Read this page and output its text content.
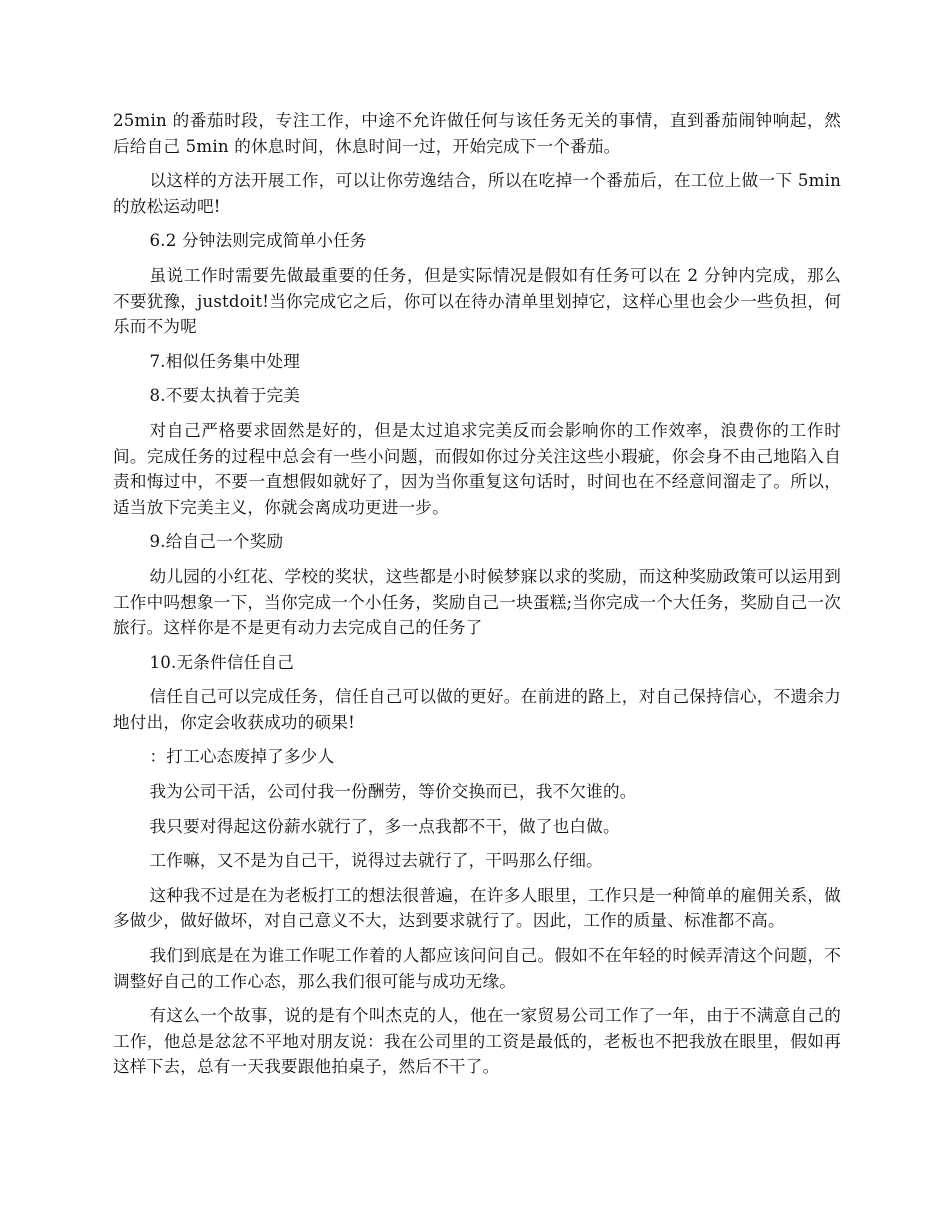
25min 的番茄时段，专注工作，中途不允许做任何与该任务无关的事情，直到番茄闹钟响起，然后给自己 5min 的休息时间，休息时间一过，开始完成下一个番茄。

以这样的方法开展工作，可以让你劳逸结合，所以在吃掉一个番茄后，在工位上做一下 5min 的放松运动吧!

6.2 分钟法则完成简单小任务

虽说工作时需要先做最重要的任务，但是实际情况是假如有任务可以在 2 分钟内完成，那么不要犹豫，justdoit!当你完成它之后，你可以在待办清单里划掉它，这样心里也会少一些负担，何乐而不为呢

7.相似任务集中处理

8.不要太执着于完美

对自己严格要求固然是好的，但是太过追求完美反而会影响你的工作效率，浪费你的工作时间。完成任务的过程中总会有一些小问题，而假如你过分关注这些小瑕疵，你会身不由己地陷入自责和悔过中，不要一直想假如就好了，因为当你重复这句话时，时间也在不经意间溜走了。所以，适当放下完美主义，你就会离成功更进一步。

9.给自己一个奖励

幼儿园的小红花、学校的奖状，这些都是小时候梦寐以求的奖励，而这种奖励政策可以运用到工作中吗想象一下，当你完成一个小任务，奖励自己一块蛋糕;当你完成一个大任务，奖励自己一次旅行。这样你是不是更有动力去完成自己的任务了

10.无条件信任自己

信任自己可以完成任务，信任自己可以做的更好。在前进的路上，对自己保持信心，不遗余力地付出，你定会收获成功的硕果!

：打工心态废掉了多少人

我为公司干活，公司付我一份酬劳，等价交换而已，我不欠谁的。

我只要对得起这份薪水就行了，多一点我都不干，做了也白做。

工作嘛，又不是为自己干，说得过去就行了，干吗那么仔细。

这种我不过是在为老板打工的想法很普遍，在许多人眼里，工作只是一种简单的雇佣关系，做多做少，做好做坏，对自己意义不大，达到要求就行了。因此，工作的质量、标准都不高。

我们到底是在为谁工作呢工作着的人都应该问问自己。假如不在年轻的时候弄清这个问题，不调整好自己的工作心态，那么我们很可能与成功无缘。

有这么一个故事，说的是有个叫杰克的人，他在一家贸易公司工作了一年，由于不满意自己的工作，他总是忿忿不平地对朋友说：我在公司里的工资是最低的，老板也不把我放在眼里，假如再这样下去，总有一天我要跟他拍桌子，然后不干了。
